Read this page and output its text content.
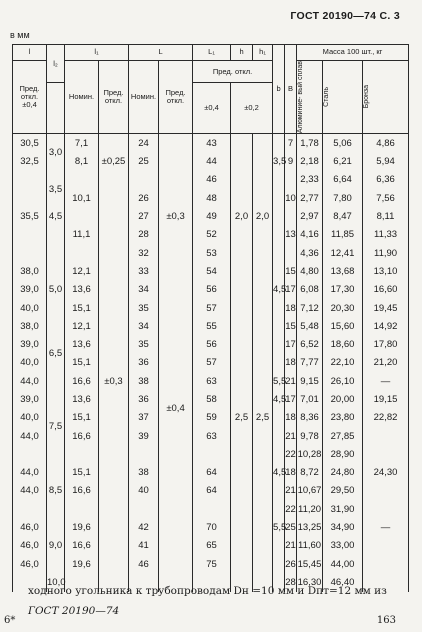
ГОСТ 20190—74 С. 3
в мм
l	l₂	l₁		L		L₁	h	h₁	b	B	Масса 100 шт., кг		
Пред. откл. ±0,4		Номин.	Пред. откл.	Номин.	Пред. откл.	Пред. откл.					Алюминие- вый сплав	Сталь	Бронза

						±0,4	±0,2						
30,5	3,0	7,1	±0,25	24		43				7	1,78	5,06	4,86
32,5		8,1		25		44			3,5	9	2,18	6,21	5,94
	3,5					46					2,33	6,64	6,36
		10,1		26		48				10	2,77	7,80	7,56
35,5	4,5			27	±0,3	49	2,0	2,0			2,97	8,47	8,11
		11,1		28		52				13	4,16	11,85	11,33
				32		53					4,36	12,41	11,90
38,0	5,0	12,1		33		54				15	4,80	13,68	13,10
39,0		13,6		34		56			4,5	17	6,08	17,30	16,60
40,0		15,1		35		57				18	7,12	20,30	19,45
38,0	6,5	12,1		34		55				15	5,48	15,60	14,92
39,0		13,6		35		56				17	6,52	18,60	17,80
40,0		15,1		36		57				18	7,77	22,10	21,20
44,0		16,6	±0,3	38		63			5,5	21	9,15	26,10	—
39,0	7,5	13,6		36	±0,4	58			4,5	17	7,01	20,00	19,15
40,0		15,1		37		59	2,5	2,5		18	8,36	23,80	22,82
44,0		16,6		39		63				21	9,78	27,85	
										22	10,28	28,90	
44,0	8,5	15,1		38		64			4,5	18	8,72	24,80	24,30
44,0		16,6		40		64				21	10,67	29,50	
										22	11,20	31,90	
46,0	9,0	19,6		42		70			5,5	25	13,25	34,90	—
46,0		16,6		41		65				21	11,60	33,00	
46,0		19,6		46		75				26	15,45	44,00	
	10,0									28	16,30	46,40	
ходного угольника к трубопроводам Dн =10 мм и Dпт=12 мм из
ГОСТ 20190—74
6*	163
